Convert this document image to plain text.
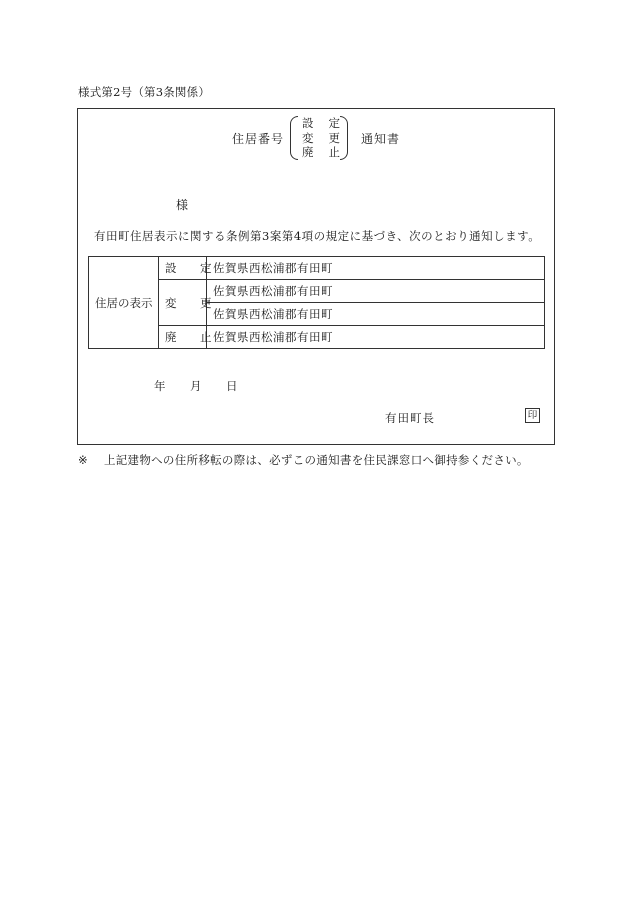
様式第2号（第3条関係）
住居番号
設　定
変　更
廃　止
通知書
様
有田町住居表示に関する条例第3案第4項の規定に基づき、次のとおり通知します。
住居の表示	設　定	佐賀県西松浦郡有田町
	変　更	佐賀県西松浦郡有田町
		佐賀県西松浦郡有田町
	廃　止	佐賀県西松浦郡有田町
年 月 日
有田町長	印
※ 上記建物への住所移転の際は、必ずこの通知書を住民課窓口へ御持参ください。
